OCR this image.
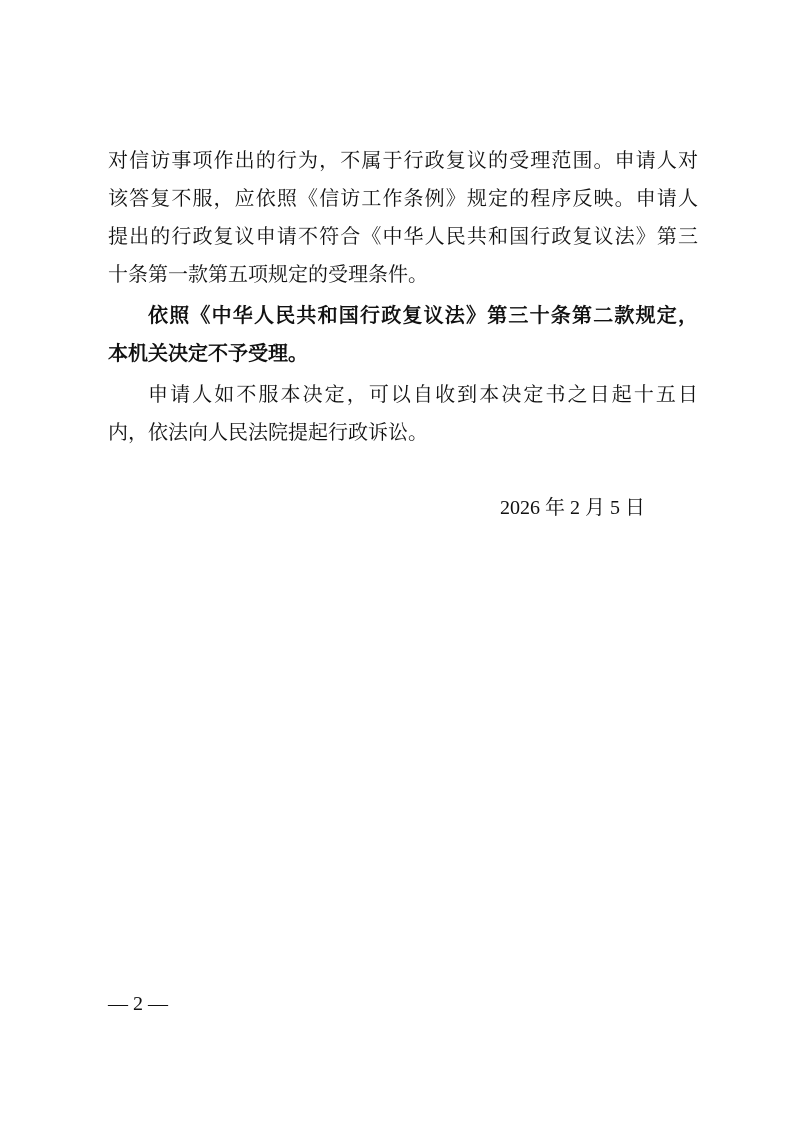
对信访事项作出的行为，不属于行政复议的受理范围。申请人对
该答复不服，应依照《信访工作条例》规定的程序反映。申请人
提出的行政复议申请不符合《中华人民共和国行政复议法》第三
十条第一款第五项规定的受理条件。
依照《中华人民共和国行政复议法》第三十条第二款规定，
本机关决定不予受理。
申请人如不服本决定，可以自收到本决定书之日起十五日
内，依法向人民法院提起行政诉讼。
2026 年 2 月 5 日
— 2 —
